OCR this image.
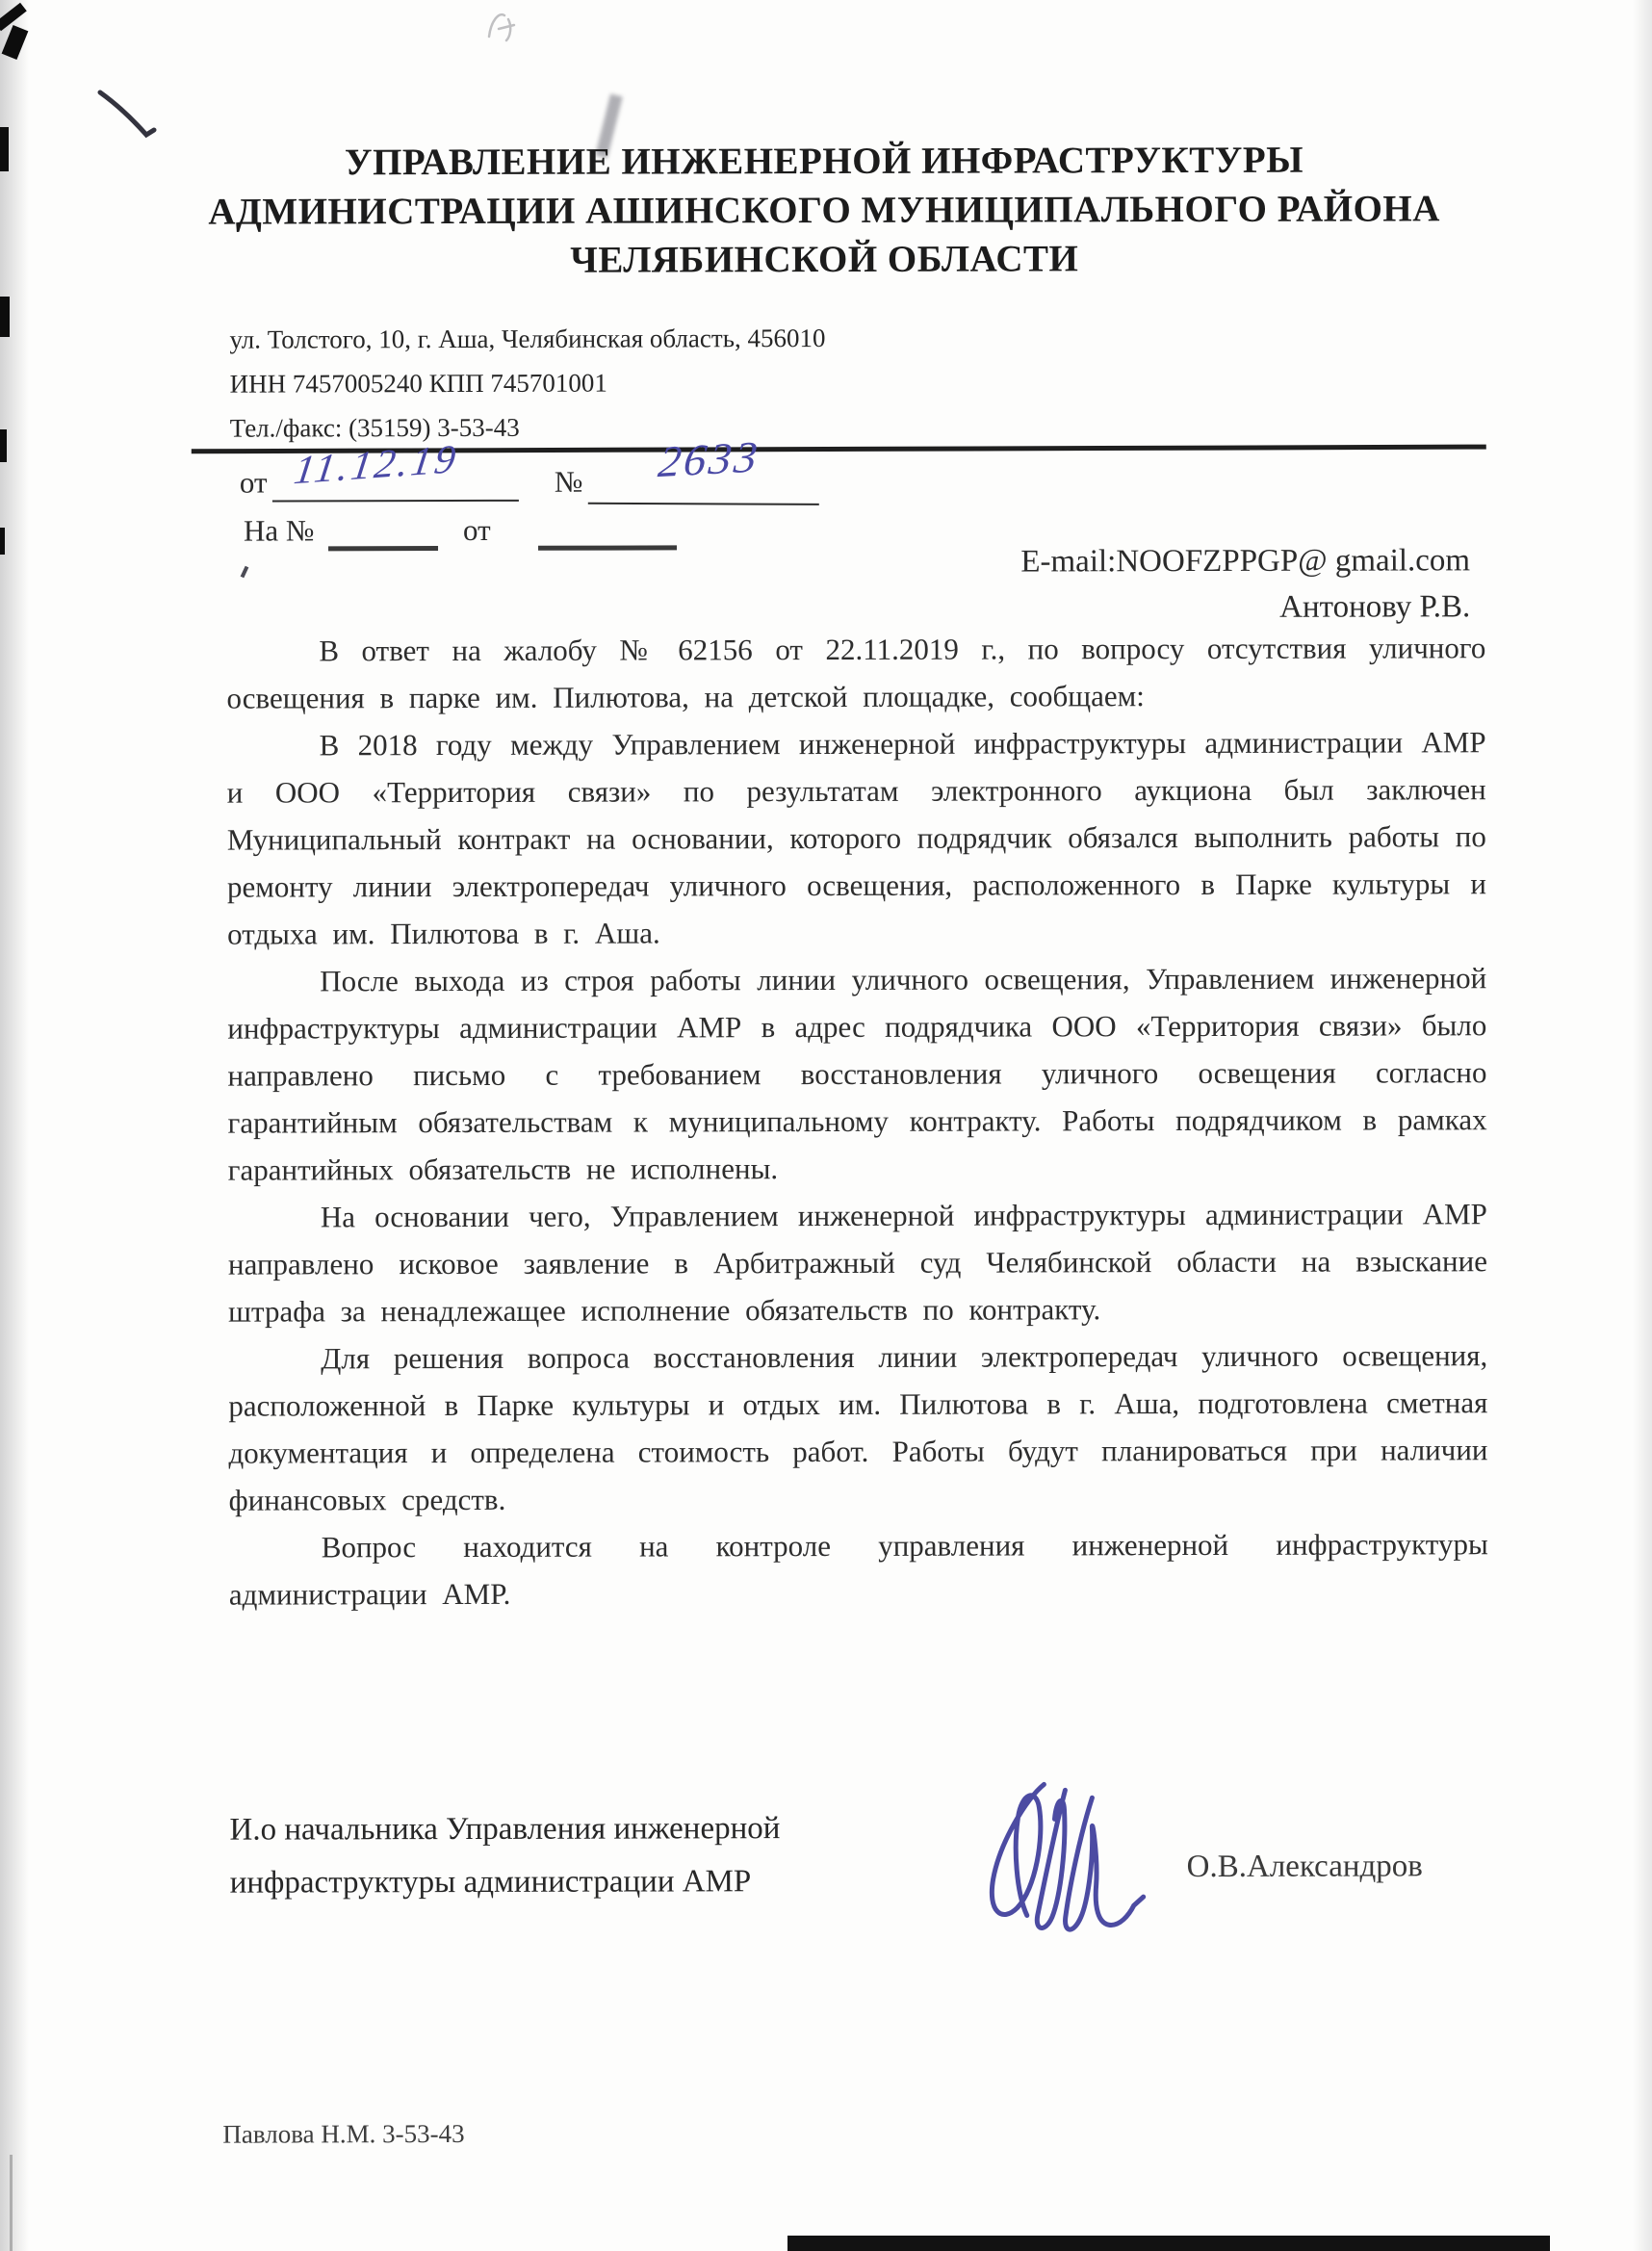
УПРАВЛЕНИЕ ИНЖЕНЕРНОЙ ИНФРАСТРУКТУРЫ
АДМИНИСТРАЦИИ АШИНСКОГО МУНИЦИПАЛЬНОГО РАЙОНА
ЧЕЛЯБИНСКОЙ ОБЛАСТИ
ул. Толстого, 10, г. Аша, Челябинская область, 456010
ИНН 7457005240 КПП 745701001
Тел./факс: (35159) 3-53-43
от 11.12.19	№ 2633
На №	от
E-mail:NOOFZPPGP@ gmail.com
Антонову Р.В.

В ответ на жалобу № 62156 от 22.11.2019 г., по вопросу отсутствия уличного освещения в парке им. Пилютова, на детской площадке, сообщаем:

В 2018 году между Управлением инженерной инфраструктуры администрации АМР и ООО «Территория связи» по результатам электронного аукциона был заключен Муниципальный контракт на основании, которого подрядчик обязался выполнить работы по ремонту линии электропередач уличного освещения, расположенного в Парке культуры и отдыха им. Пилютова в г. Аша.

После выхода из строя работы линии уличного освещения, Управлением инженерной инфраструктуры администрации АМР в адрес подрядчика ООО «Территория связи» было направлено письмо с требованием восстановления уличного освещения согласно гарантийным обязательствам к муниципальному контракту. Работы подрядчиком в рамках гарантийных обязательств не исполнены.

На основании чего, Управлением инженерной инфраструктуры администрации АМР направлено исковое заявление в Арбитражный суд Челябинской области на взыскание штрафа за ненадлежащее исполнение обязательств по контракту.

Для решения вопроса восстановления линии электропередач уличного освещения, расположенной в Парке культуры и отдых им. Пилютова в г. Аша, подготовлена сметная документация и определена стоимость работ. Работы будут планироваться при наличии финансовых средств.

Вопрос находится на контроле управления инженерной инфраструктуры администрации АМР.

И.о начальника Управления инженерной
инфраструктуры администрации АМР	О.В.Александров
Павлова Н.М. 3-53-43
